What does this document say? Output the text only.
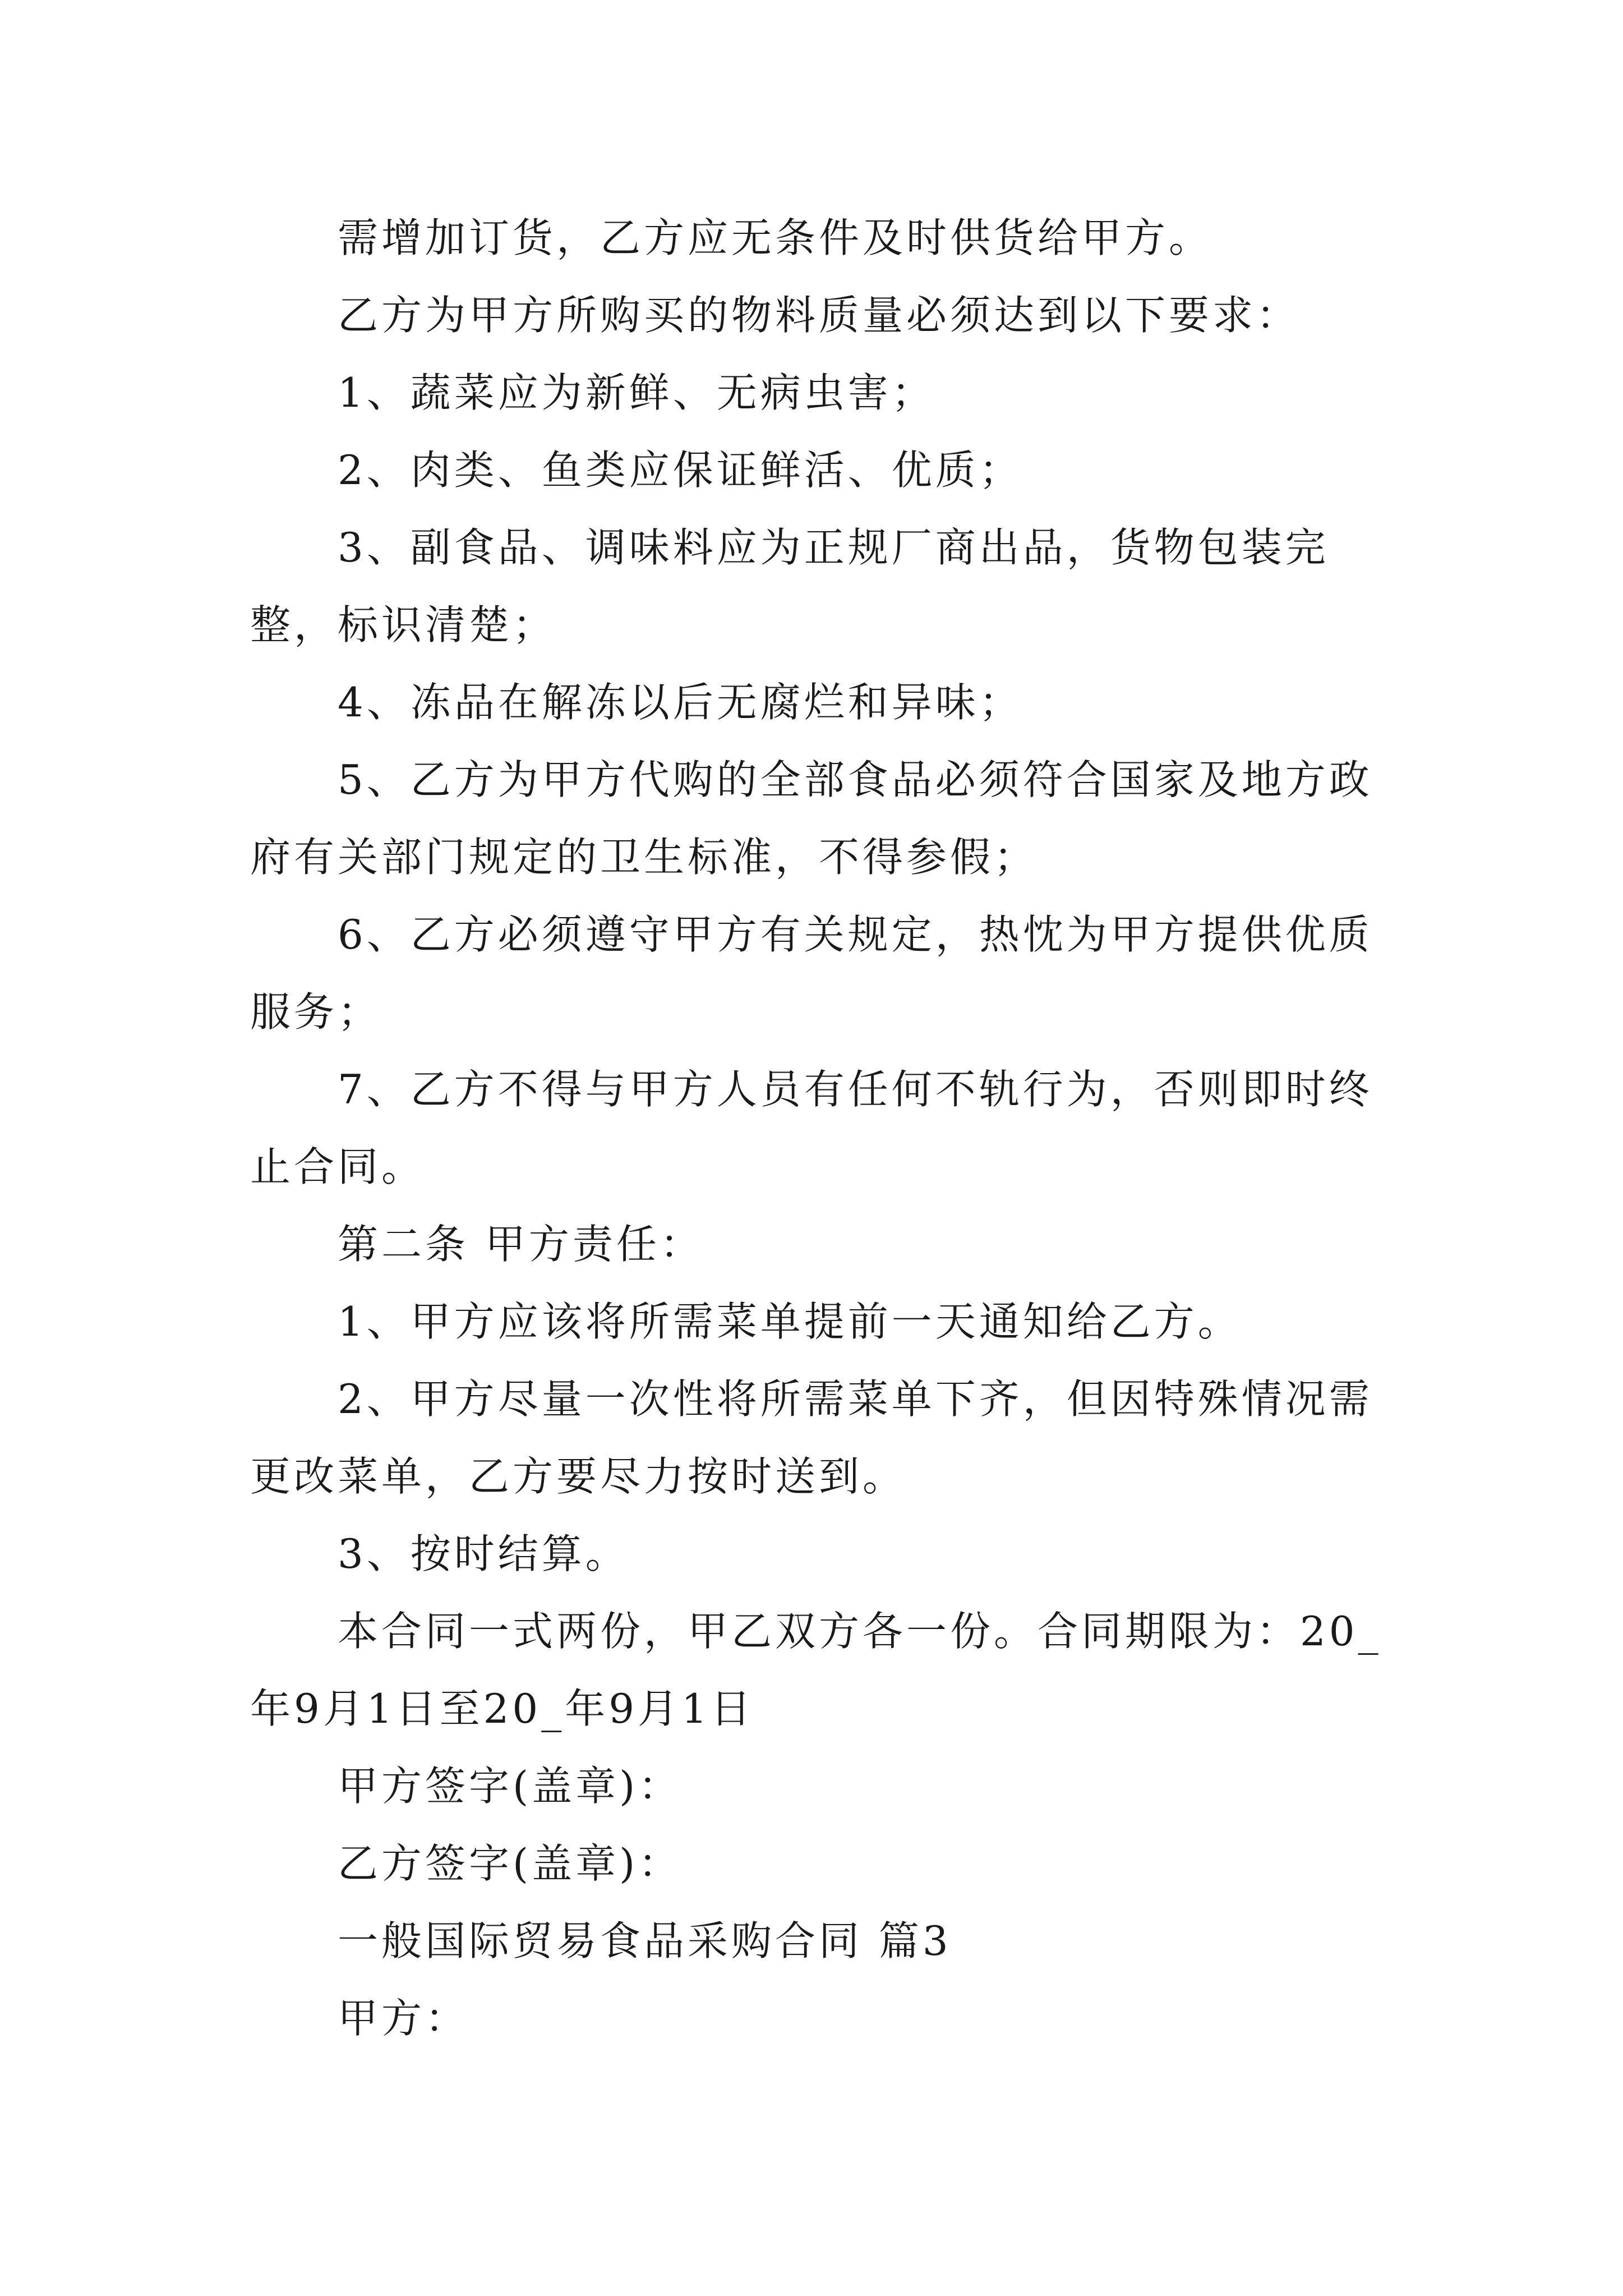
需增加订货，乙方应无条件及时供货给甲方。

乙方为甲方所购买的物料质量必须达到以下要求：

1、蔬菜应为新鲜、无病虫害；

2、肉类、鱼类应保证鲜活、优质；

3、副食品、调味料应为正规厂商出品，货物包装完整，标识清楚；

4、冻品在解冻以后无腐烂和异味；

5、乙方为甲方代购的全部食品必须符合国家及地方政府有关部门规定的卫生标准，不得参假；

6、乙方必须遵守甲方有关规定，热忱为甲方提供优质服务；

7、乙方不得与甲方人员有任何不轨行为，否则即时终止合同。

第二条 甲方责任：

1、甲方应该将所需菜单提前一天通知给乙方。

2、甲方尽量一次性将所需菜单下齐，但因特殊情况需更改菜单，乙方要尽力按时送到。

3、按时结算。

本合同一式两份，甲乙双方各一份。合同期限为：20_年9月1日至20_年9月1日

甲方签字(盖章)：

乙方签字(盖章)：

一般国际贸易食品采购合同 篇3

甲方：
